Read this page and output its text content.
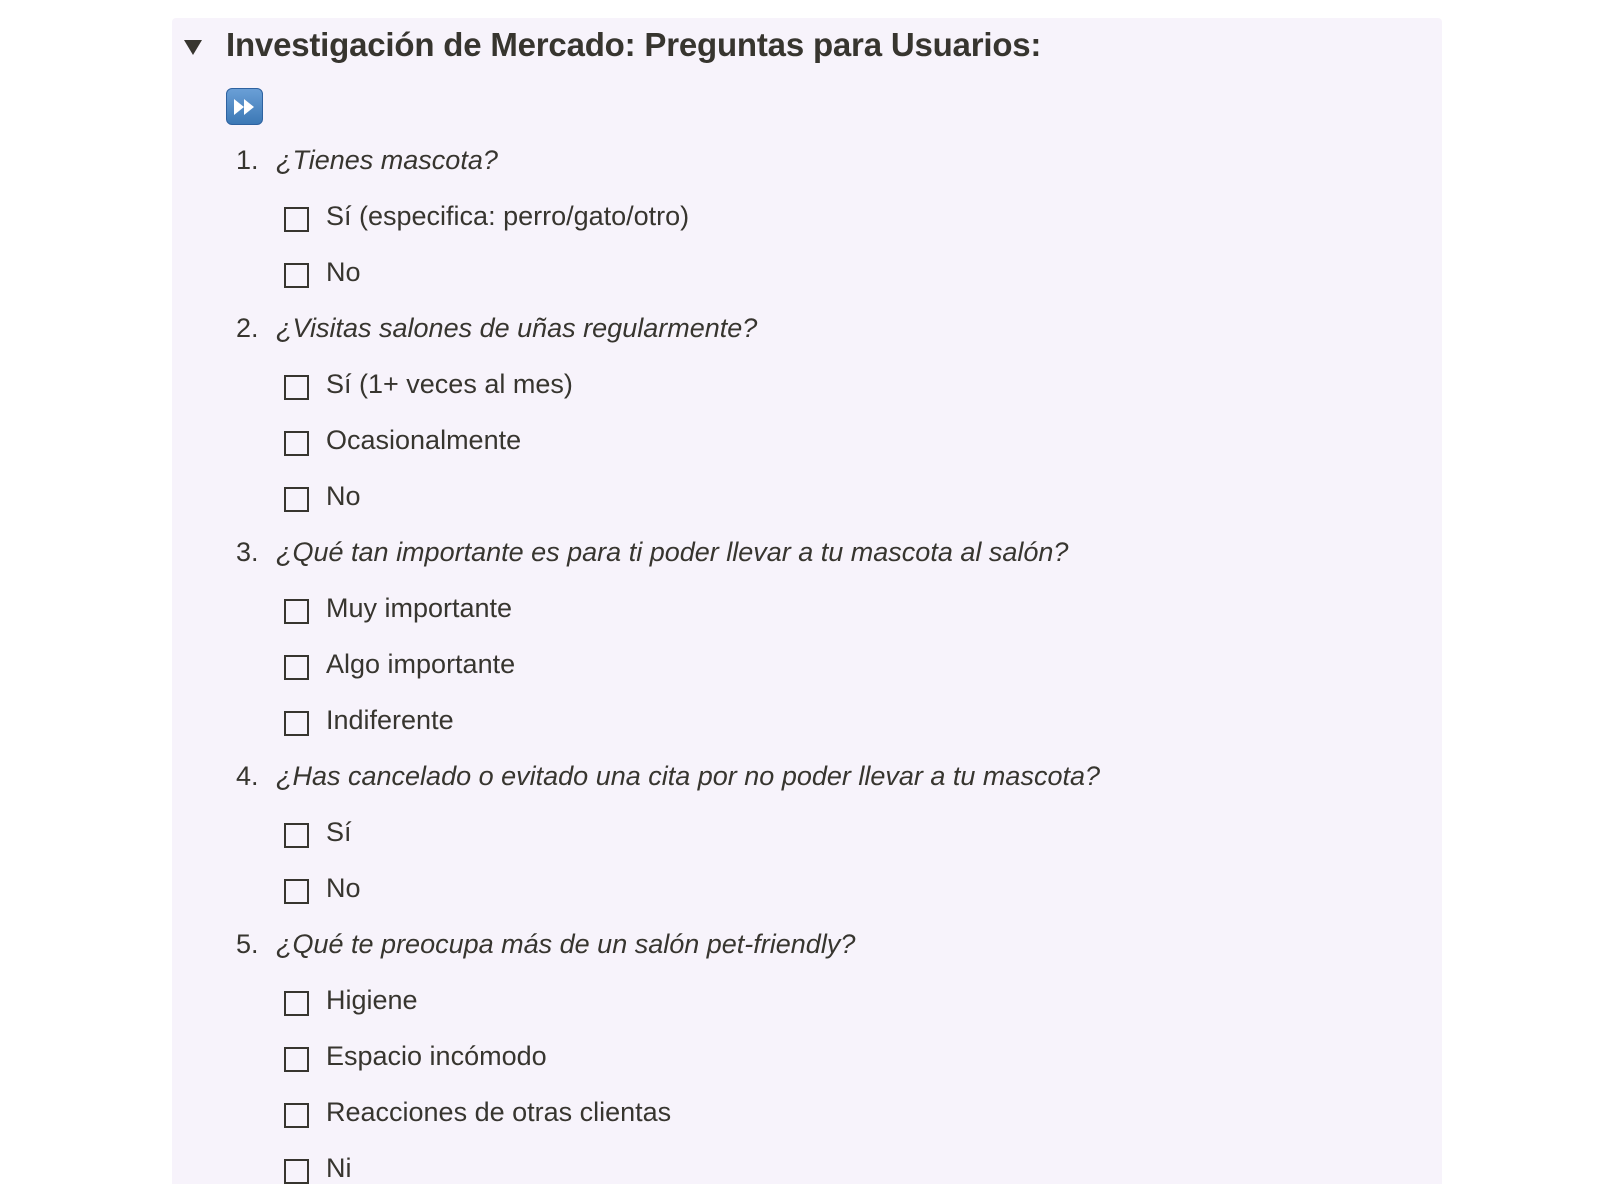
Investigación de Mercado: Preguntas para Usuarios:
1. ¿Tienes mascota?
Sí (especifica: perro/gato/otro)
No
2. ¿Visitas salones de uñas regularmente?
Sí (1+ veces al mes)
Ocasionalmente
No
3. ¿Qué tan importante es para ti poder llevar a tu mascota al salón?
Muy importante
Algo importante
Indiferente
4. ¿Has cancelado o evitado una cita por no poder llevar a tu mascota?
Sí
No
5. ¿Qué te preocupa más de un salón pet-friendly?
Higiene
Espacio incómodo
Reacciones de otras clientas
Ni
